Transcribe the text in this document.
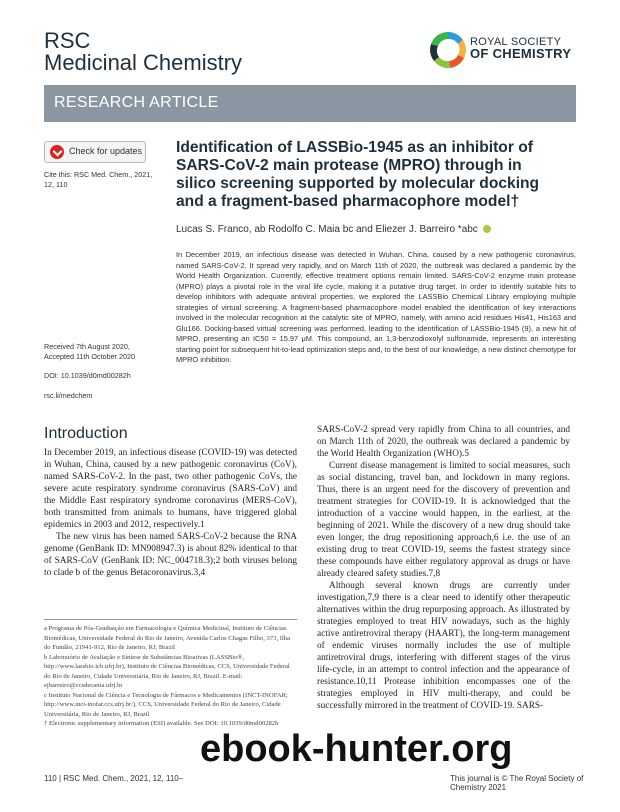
RSC
Medicinal Chemistry
ROYAL SOCIETY
OF CHEMISTRY
RESEARCH ARTICLE
Check for updates
Cite this: RSC Med. Chem., 2021, 12, 110
Received 7th August 2020,
Accepted 11th October 2020
DOI: 10.1039/d0md00282h
rsc.li/medchem
Identification of LASSBio-1945 as an inhibitor of SARS-CoV-2 main protease (MPRO) through in silico screening supported by molecular docking and a fragment-based pharmacophore model†
Lucas S. Franco, ab Rodolfo C. Maia bc and Eliezer J. Barreiro *abc
In December 2019, an infectious disease was detected in Wuhan, China, caused by a new pathogenic coronavirus, named SARS-CoV-2. It spread very rapidly, and on March 11th of 2020, the outbreak was declared a pandemic by the World Health Organization. Currently, effective treatment options remain limited. SARS-CoV-2 enzyme main protease (MPRO) plays a pivotal role in the viral life cycle, making it a putative drug target. In order to identify suitable hits to develop inhibitors with adequate antiviral properties, we explored the LASSBio Chemical Library employing multiple strategies of virtual screening. A fragment-based pharmacophore model enabled the identification of key interactions involved in the molecular recognition at the catalytic site of MPRO, namely, with amino acid residues His41, His163 and Glu166. Docking-based virtual screening was performed, leading to the identification of LASSBio-1945 (9), a new hit of MPRO, presenting an IC50 = 15.97 μM. This compound, an 1,3-benzodioxolyl sulfonamide, represents an interesting starting point for subsequent hit-to-lead optimization steps and, to the best of our knowledge, a new distinct chemotype for MPRO inhibition.
Introduction

In December 2019, an infectious disease (COVID-19) was detected in Wuhan, China, caused by a new pathogenic coronavirus (CoV), named SARS-CoV-2. In the past, two other pathogenic CoVs, the severe acute respiratory syndrome coronavirus (SARS-CoV) and the Middle East respiratory syndrome coronavirus (MERS-CoV), both transmitted from animals to humans, have triggered global epidemics in 2003 and 2012, respectively.1

The new virus has been named SARS-CoV-2 because the RNA genome (GenBank ID: MN908947.3) is about 82% identical to that of SARS-CoV (GenBank ID: NC_004718.3);2 both viruses belong to clade b of the genus Betacoronavirus.3,4

a Programa de Pós-Graduação em Farmacologia e Química Medicinal, Instituto de Ciências Biomédicas, Universidade Federal do Rio de Janeiro, Avenida Carlos Chagas Filho, 373, Ilha do Fundão, 21941-912, Rio de Janeiro, RJ, Brazil

b Laboratório de Avaliação e Síntese de Substâncias Bioativas (LASSBio®, http://www.lassbio.icb.ufrj.br), Instituto de Ciências Biomédicas, CCS, Universidade Federal do Rio de Janeiro, Cidade Universitária, Rio de Janeiro, RJ, Brazil. E-mail: ejbarreiro@ccsdecania.ufrj.br

c Instituto Nacional de Ciência e Tecnologia de Fármacos e Medicamentos (INCT-INOFAR; http://www.inct-inofar.ccs.ufrj.br/), CCS, Universidade Federal do Rio de Janeiro, Cidade Universitária, Rio de Janeiro, RJ, Brazil

† Electronic supplementary information (ESI) available. See DOI: 10.1039/d0md00282h

SARS-CoV-2 spread very rapidly from China to all countries, and on March 11th of 2020, the outbreak was declared a pandemic by the World Health Organization (WHO).5

Current disease management is limited to social measures, such as social distancing, travel ban, and lockdown in many regions. Thus, there is an urgent need for the discovery of prevention and treatment strategies for COVID-19. It is acknowledged that the introduction of a vaccine would happen, in the earliest, at the beginning of 2021. While the discovery of a new drug should take even longer, the drug repositioning approach,6 i.e. the use of an existing drug to treat COVID-19, seems the fastest strategy since these compounds have either regulatory approval as drugs or have already cleared safety studies.7,8

Although several known drugs are currently under investigation,7,9 there is a clear need to identify other therapeutic alternatives within the drug repurposing approach. As illustrated by strategies employed to treat HIV nowadays, such as the highly active antiretroviral therapy (HAART), the long-term management of endemic viruses normally includes the use of multiple antiretroviral drugs, interfering with different stages of the virus life-cycle, in an attempt to control infection and the appearance of resistance.10,11 Protease inhibition encompasses one of the strategies employed in HIV multi-therapy, and could be successfully mirrored in the treatment of COVID-19. SARS-

110 | RSC Med. Chem., 2021, 12, 110–	This journal is © The Royal Society of Chemistry 2021
ebook-hunter.org
